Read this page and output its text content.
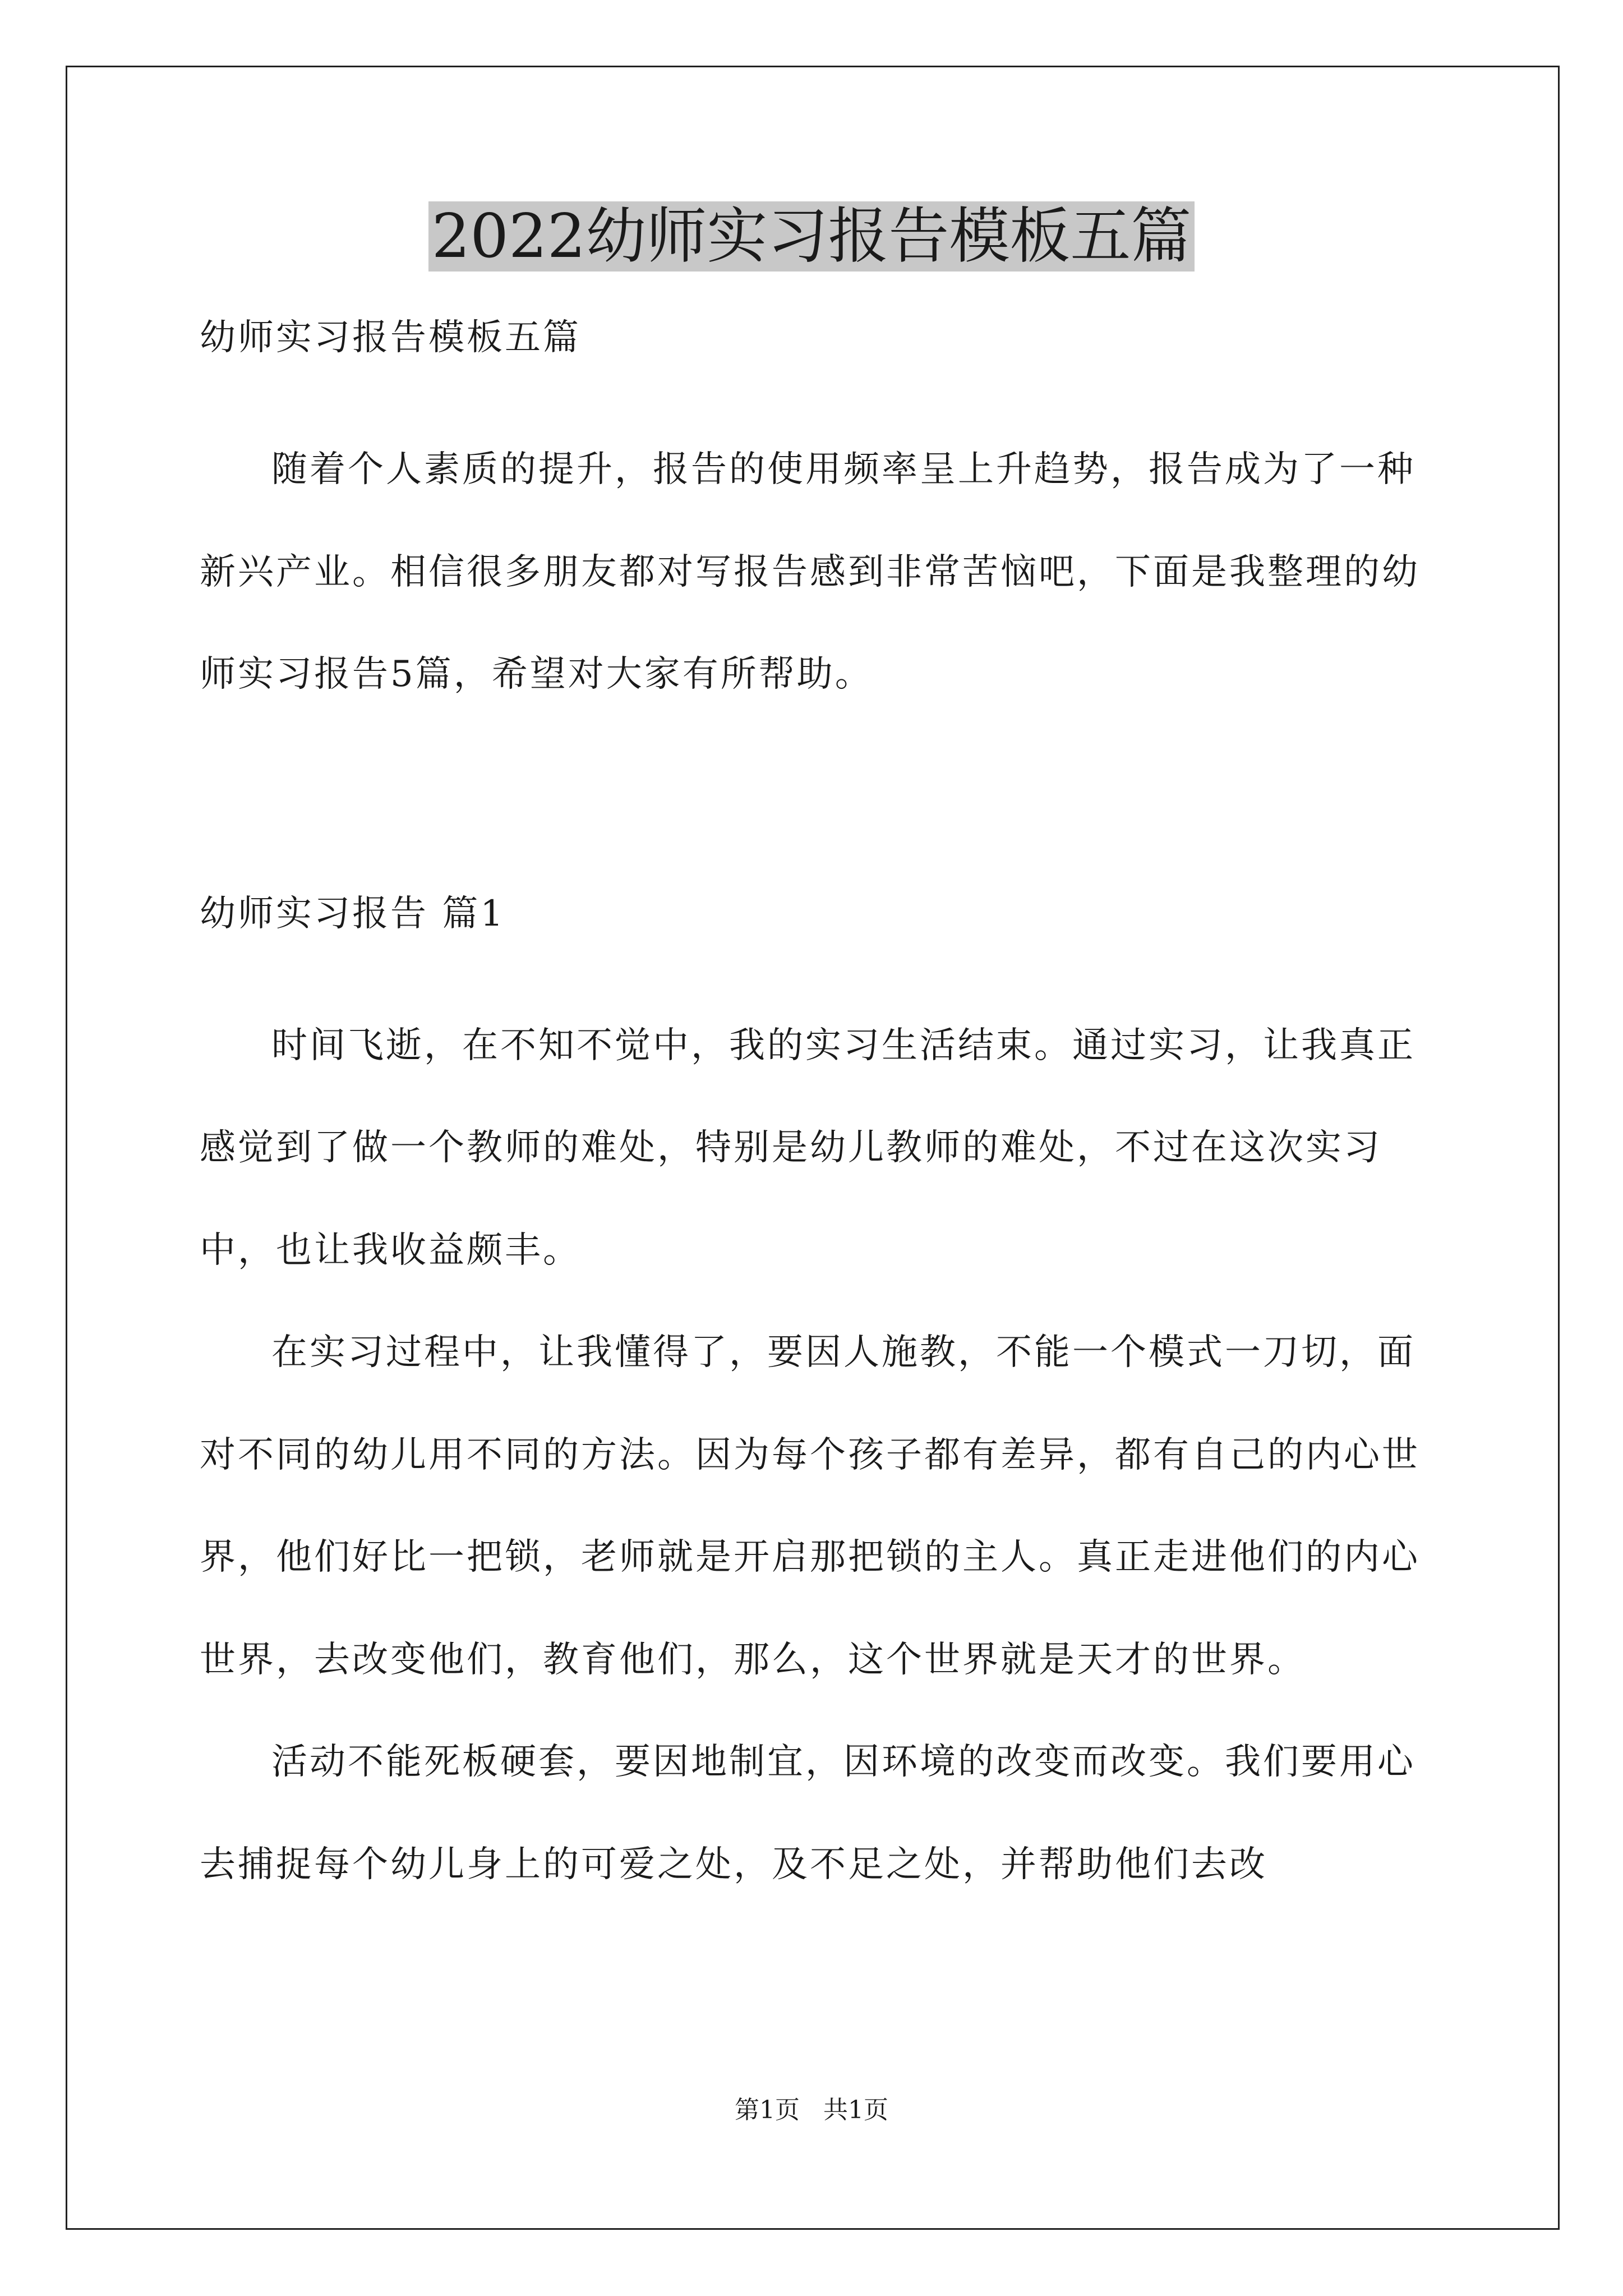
2022幼师实习报告模板五篇

幼师实习报告模板五篇

随着个人素质的提升，报告的使用频率呈上升趋势，报告成为了一种新兴产业。相信很多朋友都对写报告感到非常苦恼吧，下面是我整理的幼师实习报告5篇，希望对大家有所帮助。

幼师实习报告 篇1

时间飞逝，在不知不觉中，我的实习生活结束。通过实习，让我真正感觉到了做一个教师的难处，特别是幼儿教师的难处，不过在这次实习中，也让我收益颇丰。

在实习过程中，让我懂得了，要因人施教，不能一个模式一刀切，面对不同的幼儿用不同的方法。因为每个孩子都有差异，都有自己的内心世界，他们好比一把锁，老师就是开启那把锁的主人。真正走进他们的内心世界，去改变他们，教育他们，那么，这个世界就是天才的世界。

活动不能死板硬套，要因地制宜，因环境的改变而改变。我们要用心去捕捉每个幼儿身上的可爱之处，及不足之处，并帮助他们去改

第1页   共1页
